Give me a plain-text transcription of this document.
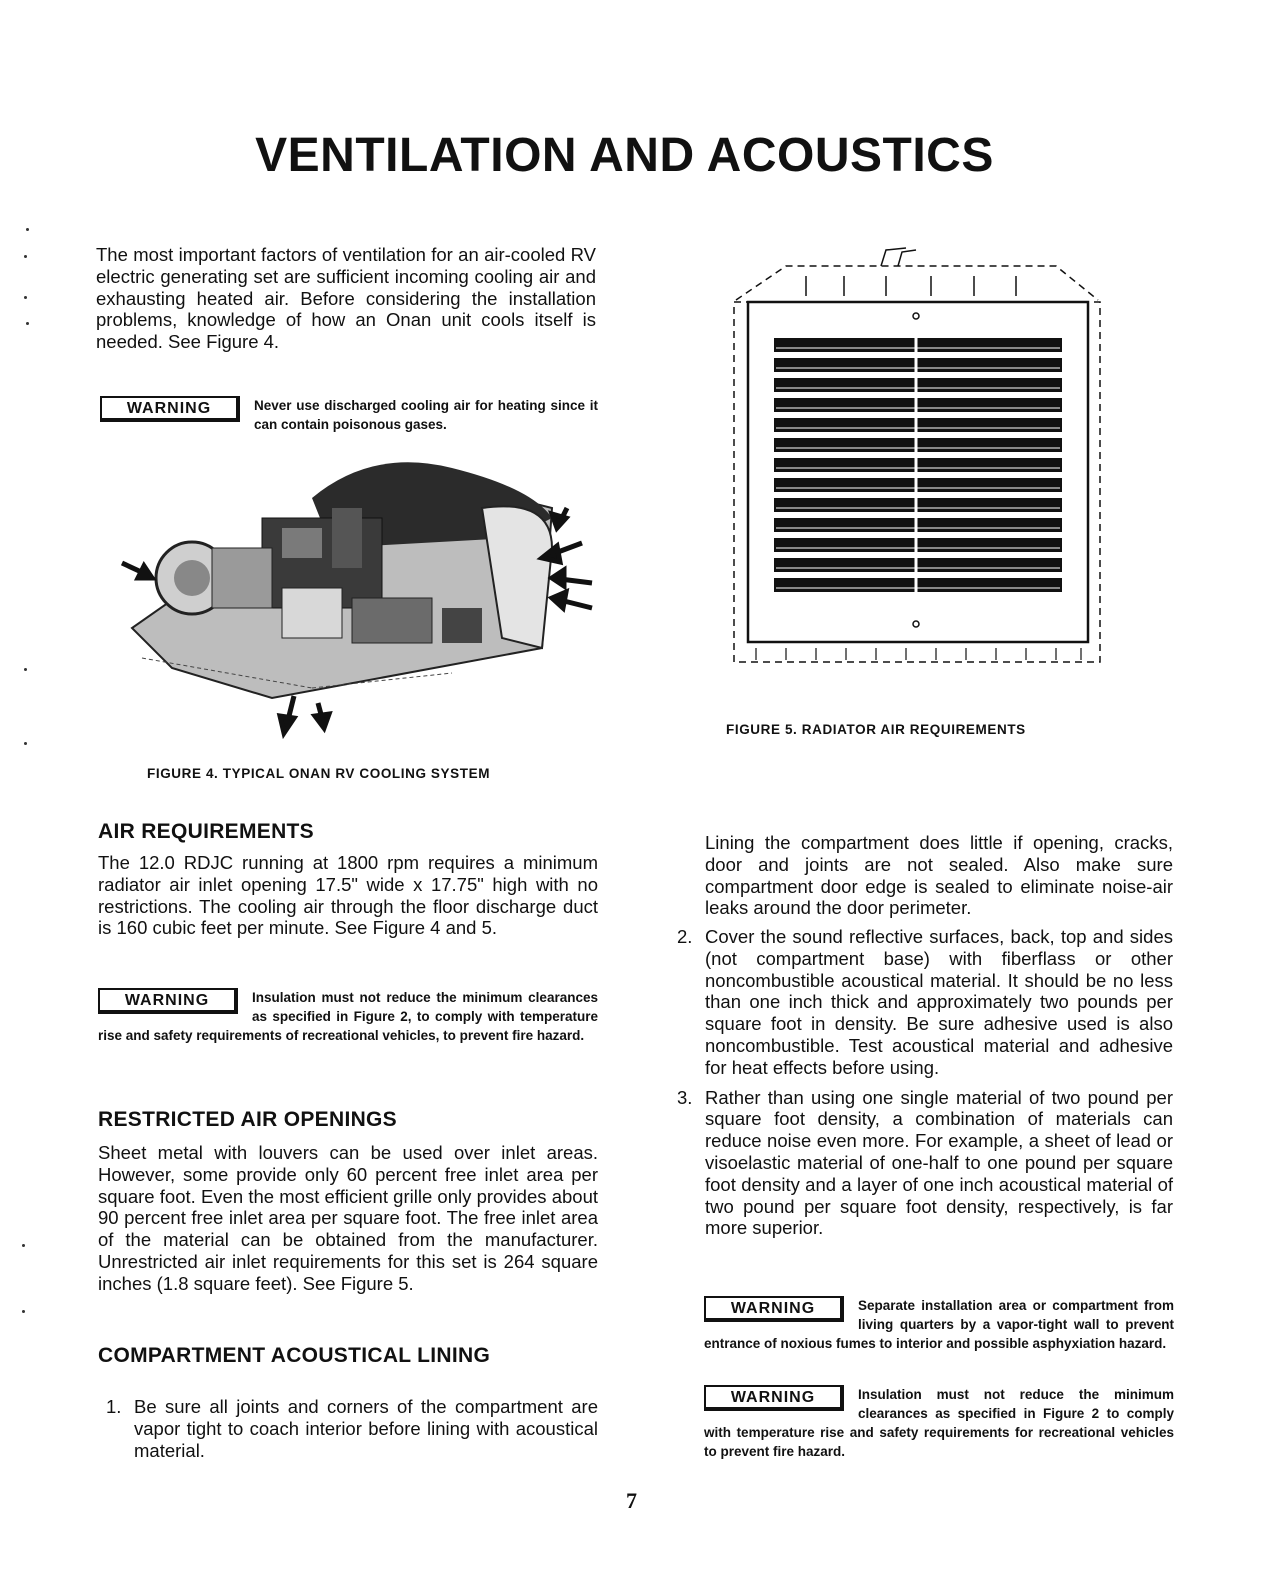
VENTILATION AND ACOUSTICS

The most important factors of ventilation for an air-cooled RV electric generating set are sufficient incoming cooling air and exhausting heated air. Before considering the installation problems, knowledge of how an Onan unit cools itself is needed. See Figure 4.

WARNING	Never use discharged cooling air for heating since it can contain poisonous gases.

FIGURE 4. TYPICAL ONAN RV COOLING SYSTEM

FIGURE 5. RADIATOR AIR REQUIREMENTS

AIR REQUIREMENTS

The 12.0 RDJC running at 1800 rpm requires a minimum radiator air inlet opening 17.5" wide x 17.75" high with no restrictions. The cooling air through the floor discharge duct is 160 cubic feet per minute. See Figure 4 and 5.

WARNING	Insulation must not reduce the minimum clearances as specified in Figure 2, to comply with temperature rise and safety requirements of recreational vehicles, to prevent fire hazard.
RESTRICTED AIR OPENINGS

Sheet metal with louvers can be used over inlet areas. However, some provide only 60 percent free inlet area per square foot. Even the most efficient grille only provides about 90 percent free inlet area per square foot. The free inlet area of the material can be obtained from the manufacturer. Unrestricted air inlet requirements for this set is 264 square inches (1.8 square feet). See Figure 5.

COMPARTMENT ACOUSTICAL LINING
1. Be sure all joints and corners of the compartment are vapor tight to coach interior before lining with acoustical material.

Lining the compartment does little if opening, cracks, door and joints are not sealed. Also make sure compartment door edge is sealed to eliminate noise-air leaks around the door perimeter.

2. Cover the sound reflective surfaces, back, top and sides (not compartment base) with fiberflass or other noncombustible acoustical material. It should be no less than one inch thick and approximately two pounds per square foot in density. Be sure adhesive used is also noncombustible. Test acoustical material and adhesive for heat effects before using.
3. Rather than using one single material of two pound per square foot density, a combination of materials can reduce noise even more. For example, a sheet of lead or visoelastic material of one-half to one pound per square foot density and a layer of one inch acoustical material of two pound per square foot density, respectively, is far more superior.
WARNING	Separate installation area or compartment from living quarters by a vapor-tight wall to prevent entrance of noxious fumes to interior and possible asphyxiation hazard.
WARNING	Insulation must not reduce the minimum clearances as specified in Figure 2 to comply with temperature rise and safety requirements for recreational vehicles to prevent fire hazard.
7
